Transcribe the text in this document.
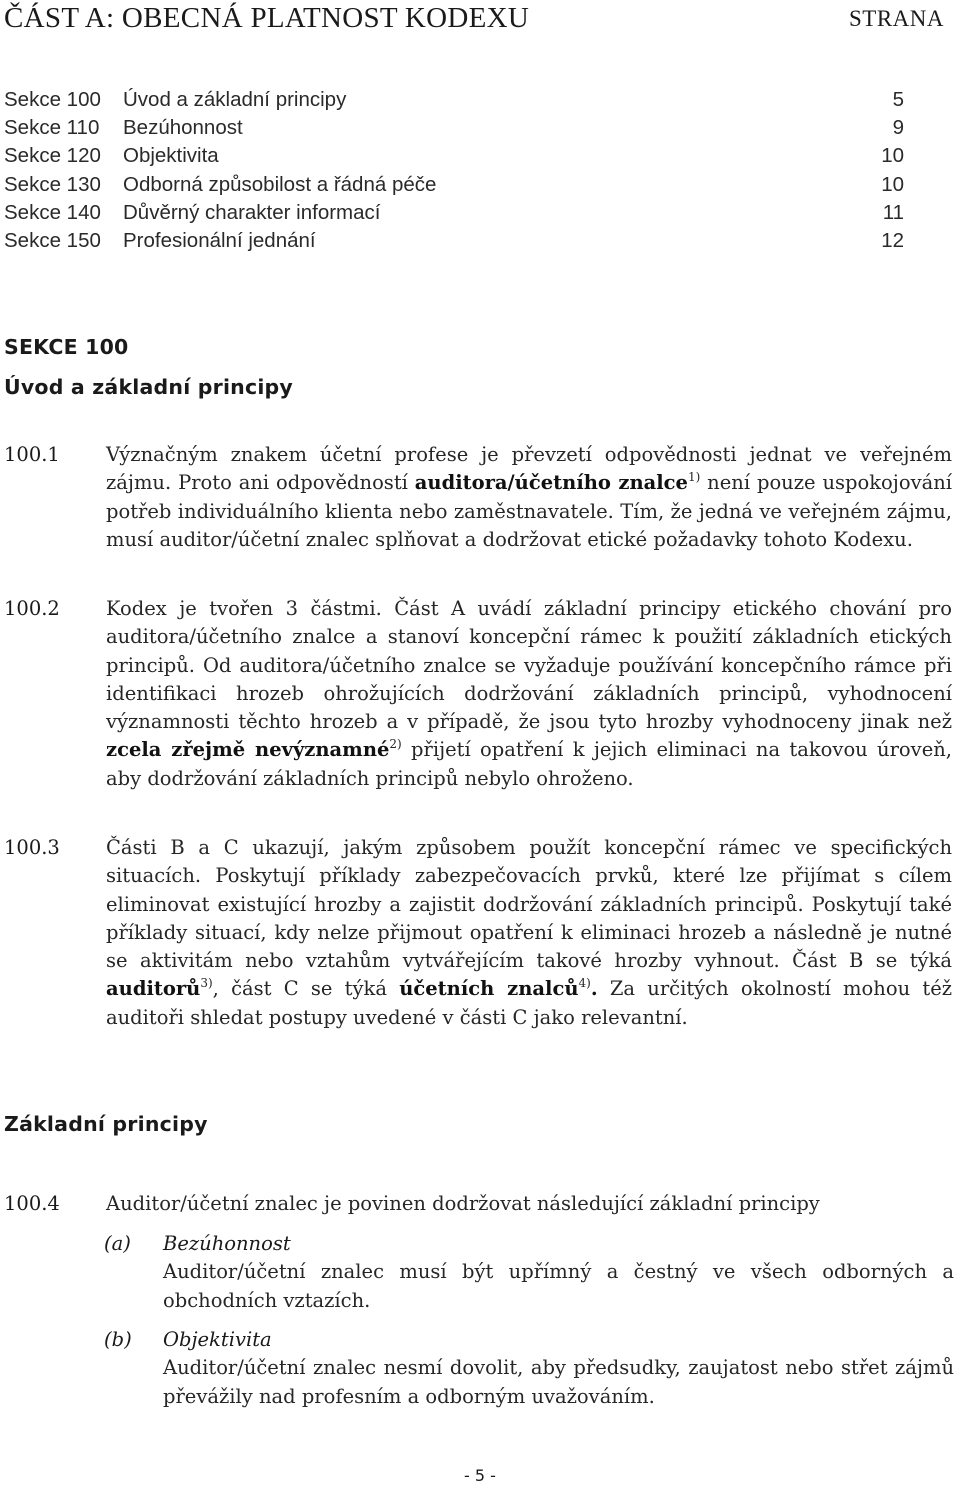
ČÁST A: OBECNÁ PLATNOST KODEXU	STRANA
Sekce 100 Úvod a základní principy	5
Sekce 110 Bezúhonnost	9
Sekce 120 Objektivita	10
Sekce 130 Odborná způsobilost a řádná péče	10
Sekce 140 Důvěrný charakter informací	11
Sekce 150 Profesionální jednání	12
SEKCE 100
Úvod a základní principy
100.1 Význačným znakem účetní profese je převzetí odpovědnosti jednat ve veřejném zájmu. Proto ani odpovědností auditora/účetního znalce$^{1)}$ není pouze uspokojování potřeb individuálního klienta nebo zaměstnavatele. Tím, že jedná ve veřejném zájmu, musí auditor/účetní znalec splňovat a dodržovat etické požadavky tohoto Kodexu.
100.2 Kodex je tvořen 3 částmi. Část A uvádí základní principy etického chování pro auditora/účetního znalce a stanoví koncepční rámec k použití základních etických principů. Od auditora/účetního znalce se vyžaduje používání koncepčního rámce při identifikaci hrozeb ohrožujících dodržování základních principů, vyhodnocení významnosti těchto hrozeb a v případě, že jsou tyto hrozby vyhodnoceny jinak než zcela zřejmě nevýznamné$^{2)}$ přijetí opatření k jejich eliminaci na takovou úroveň, aby dodržování základních principů nebylo ohroženo.
100.3 Části B a C ukazují, jakým způsobem použít koncepční rámec ve specifických situacích. Poskytují příklady zabezpečovacích prvků, které lze přijímat s cílem eliminovat existující hrozby a zajistit dodržování základních principů. Poskytují také příklady situací, kdy nelze přijmout opatření k eliminaci hrozeb a následně je nutné se aktivitám nebo vztahům vytvářejícím takové hrozby vyhnout. Část B se týká auditorů$^{3)}$, část C se týká účetních znalců$^{4)}$. Za určitých okolností mohou též auditoři shledat postupy uvedené v části C jako relevantní.
Základní principy
100.4 Auditor/účetní znalec je povinen dodržovat následující základní principy
(a) Bezúhonnost
Auditor/účetní znalec musí být upřímný a čestný ve všech odborných a obchodních vztazích.
(b) Objektivita
Auditor/účetní znalec nesmí dovolit, aby předsudky, zaujatost nebo střet zájmů převážily nad profesním a odborným uvažováním.
- 5 -
